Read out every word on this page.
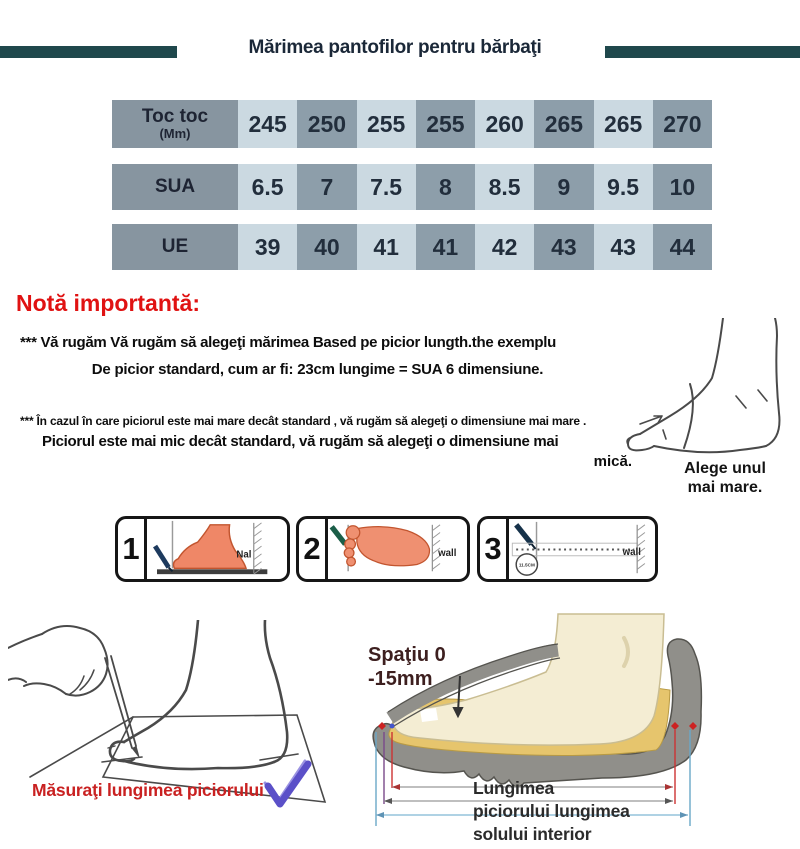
Mărimea pantofilor pentru bărbaţi
Toc toc
(Mm)	245 250 255 255 260 265 265 270
SUA	6.5	7	7.5	8	8.5	9	9.5	10
UE	39	40	41	41	42	43	43	44
Notă importantă:
*** Vă rugăm Vă rugăm să alegeţi mărimea Based pe picior lungth.the exemplu
De picior standard, cum ar fi: 23cm lungime = SUA 6 dimensiune.
*** În cazul în care piciorul este mai mare decât standard , vă rugăm să alegeţi o dimensiune mai mare .
Piciorul este mai mic decât standard, vă rugăm să alegeţi o dimensiune mai
mică.	Alege unul
mai mare.
1	Nal 2	wall 3	11.5CM
wall
Măsuraţi lungimea piciorului
Spaţiu 0
-15mm
Lungimea
piciorului lungimea
solului interior
